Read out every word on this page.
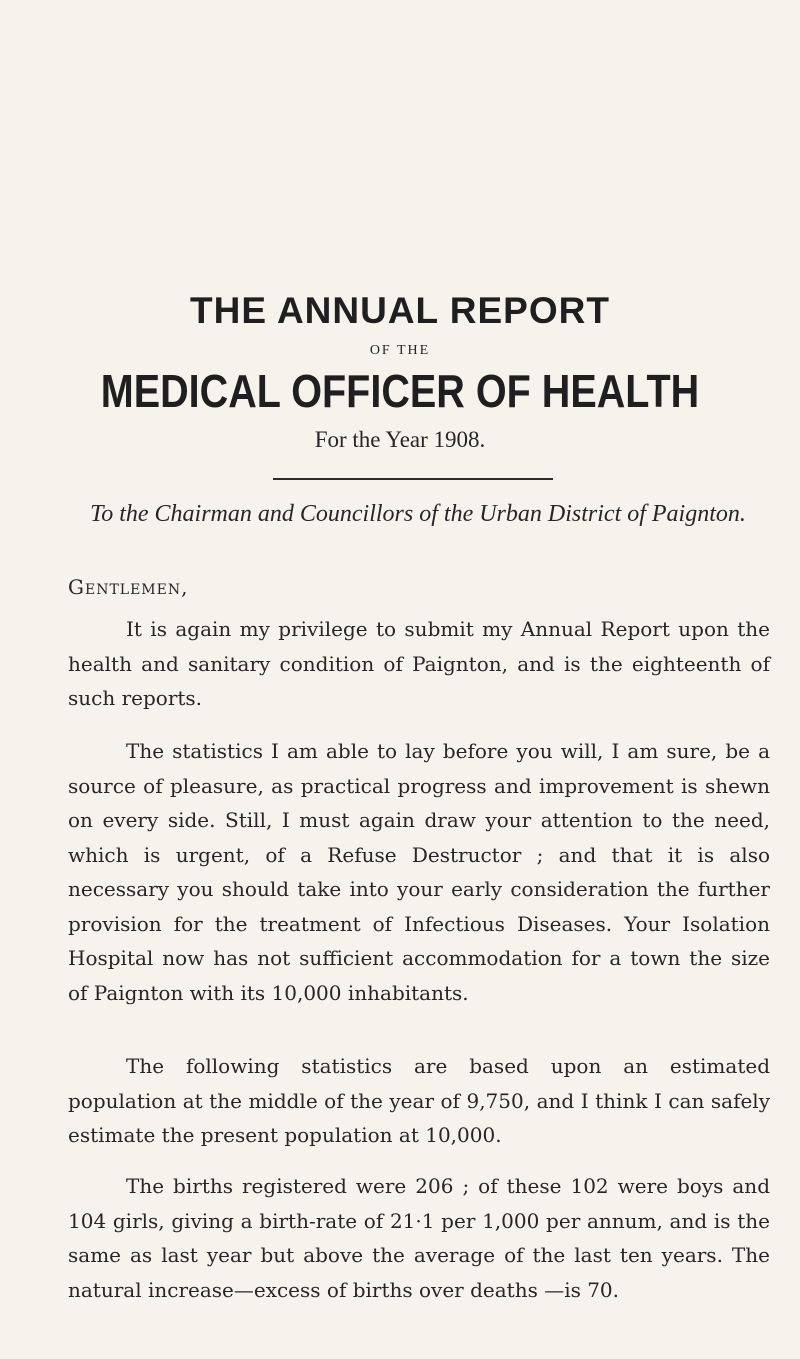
THE ANNUAL REPORT
OF THE
MEDICAL OFFICER OF HEALTH
For the Year 1908.
To the Chairman and Councillors of the Urban District of Paignton.
Gentlemen,

It is again my privilege to submit my Annual Report upon the health and sanitary condition of Paignton, and is the eighteenth of such reports.

The statistics I am able to lay before you will, I am sure, be a source of pleasure, as practical progress and improvement is shewn on every side. Still, I must again draw your attention to the need, which is urgent, of a Refuse Destructor ; and that it is also necessary you should take into your early consideration the further provision for the treatment of Infectious Diseases. Your Isolation Hospital now has not sufficient accommodation for a town the size of Paignton with its 10,000 inhabitants.

The following statistics are based upon an estimated population at the middle of the year of 9,750, and I think I can safely estimate the present population at 10,000.

The births registered were 206 ; of these 102 were boys and 104 girls, giving a birth-rate of 21·1 per 1,000 per annum, and is the same as last year but above the average of the last ten years. The natural increase—excess of births over deaths —is 70.
